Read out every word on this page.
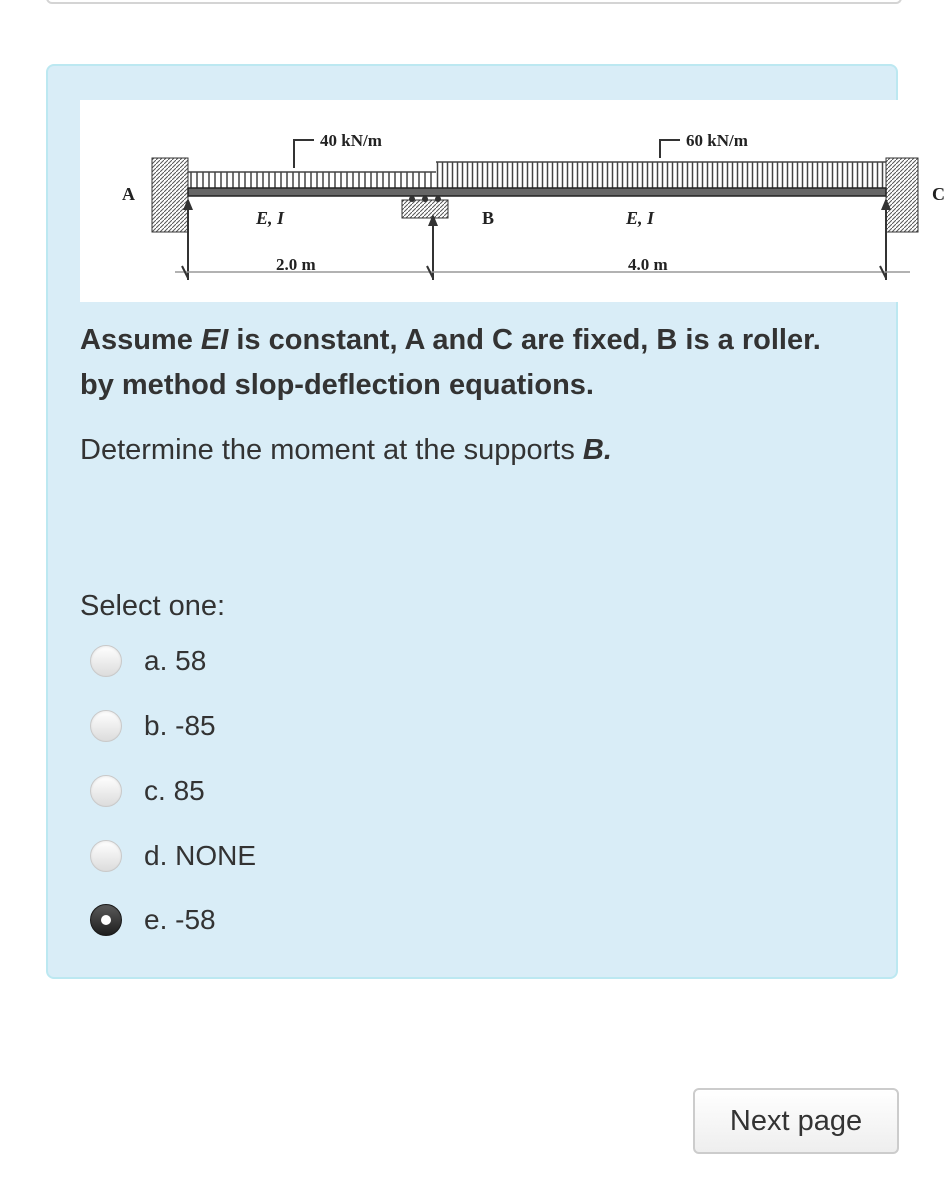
40 kN/m	60 kN/m
A
B
C
E, I	E, I
2.0 m	4.0 m

Assume EI is constant, A and C are fixed, B is a roller. by method slop-deflection equations.

Determine the moment at the supports B.

Select one:
a. 58
b. -85
c. 85
d. NONE
e. -58
Next page
